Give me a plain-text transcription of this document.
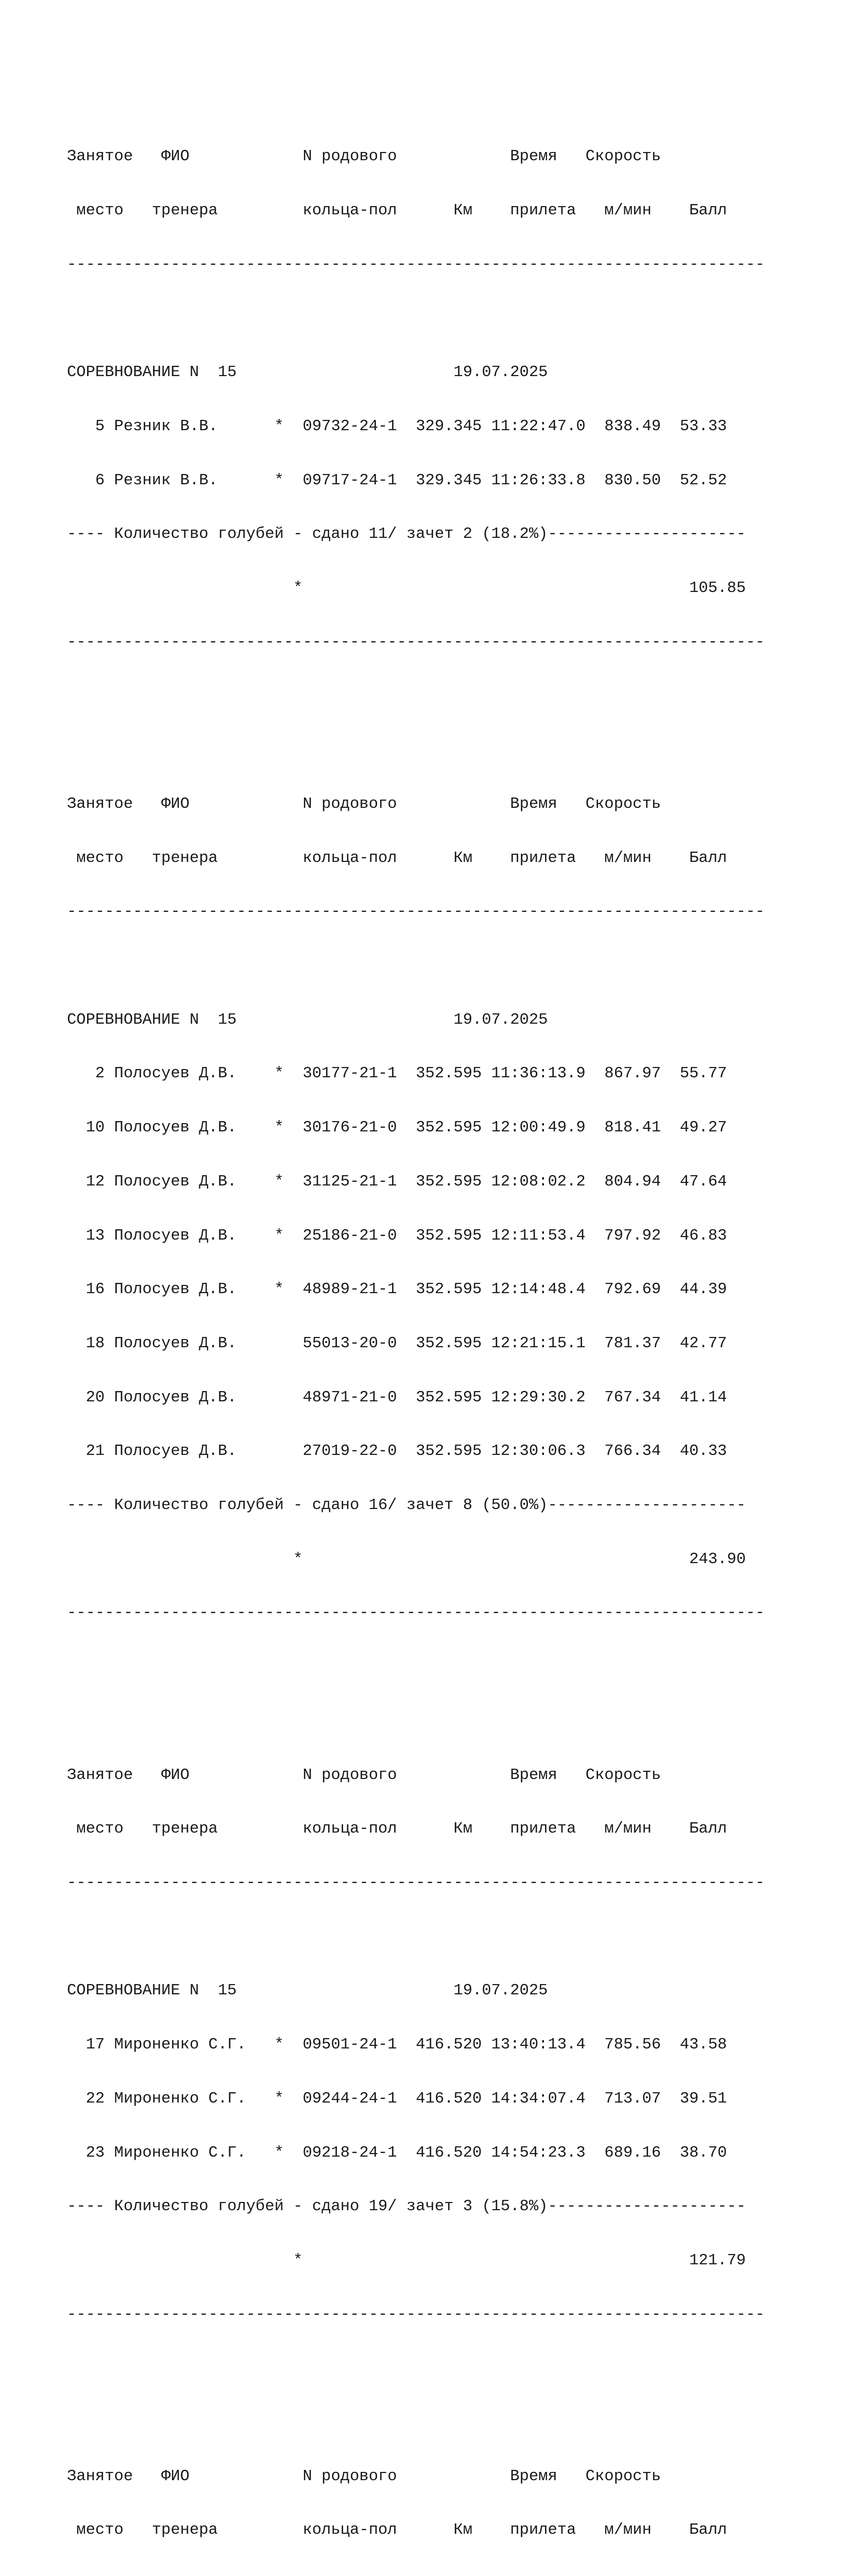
Занятое   ФИО            N родового            Время   Скорость

место   тренера         кольца-пол      Км    прилета   м/мин    Балл

--------------------------------------------------------------------------

СОРЕВНОВАНИЕ N  15                       19.07.2025

5 Резник В.В.      *  09732-24-1  329.345 11:22:47.0  838.49  53.33

6 Резник В.В.      *  09717-24-1  329.345 11:26:33.8  830.50  52.52

---- Количество голубей - сдано 11/ зачет 2 (18.2%)---------------------

*                                         105.85

--------------------------------------------------------------------------

Занятое   ФИО            N родового            Время   Скорость

место   тренера         кольца-пол      Км    прилета   м/мин    Балл

--------------------------------------------------------------------------

СОРЕВНОВАНИЕ N  15                       19.07.2025

2 Полосуев Д.В.    *  30177-21-1  352.595 11:36:13.9  867.97  55.77

10 Полосуев Д.В.    *  30176-21-0  352.595 12:00:49.9  818.41  49.27

12 Полосуев Д.В.    *  31125-21-1  352.595 12:08:02.2  804.94  47.64

13 Полосуев Д.В.    *  25186-21-0  352.595 12:11:53.4  797.92  46.83

16 Полосуев Д.В.    *  48989-21-1  352.595 12:14:48.4  792.69  44.39

18 Полосуев Д.В.       55013-20-0  352.595 12:21:15.1  781.37  42.77

20 Полосуев Д.В.       48971-21-0  352.595 12:29:30.2  767.34  41.14

21 Полосуев Д.В.       27019-22-0  352.595 12:30:06.3  766.34  40.33

---- Количество голубей - сдано 16/ зачет 8 (50.0%)---------------------

*                                         243.90

--------------------------------------------------------------------------

Занятое   ФИО            N родового            Время   Скорость

место   тренера         кольца-пол      Км    прилета   м/мин    Балл

--------------------------------------------------------------------------

СОРЕВНОВАНИЕ N  15                       19.07.2025

17 Мироненко С.Г.   *  09501-24-1  416.520 13:40:13.4  785.56  43.58

22 Мироненко С.Г.   *  09244-24-1  416.520 14:34:07.4  713.07  39.51

23 Мироненко С.Г.   *  09218-24-1  416.520 14:54:23.3  689.16  38.70

---- Количество голубей - сдано 19/ зачет 3 (15.8%)---------------------

*                                         121.79

--------------------------------------------------------------------------

Занятое   ФИО            N родового            Время   Скорость

место   тренера         кольца-пол      Км    прилета   м/мин    Балл
